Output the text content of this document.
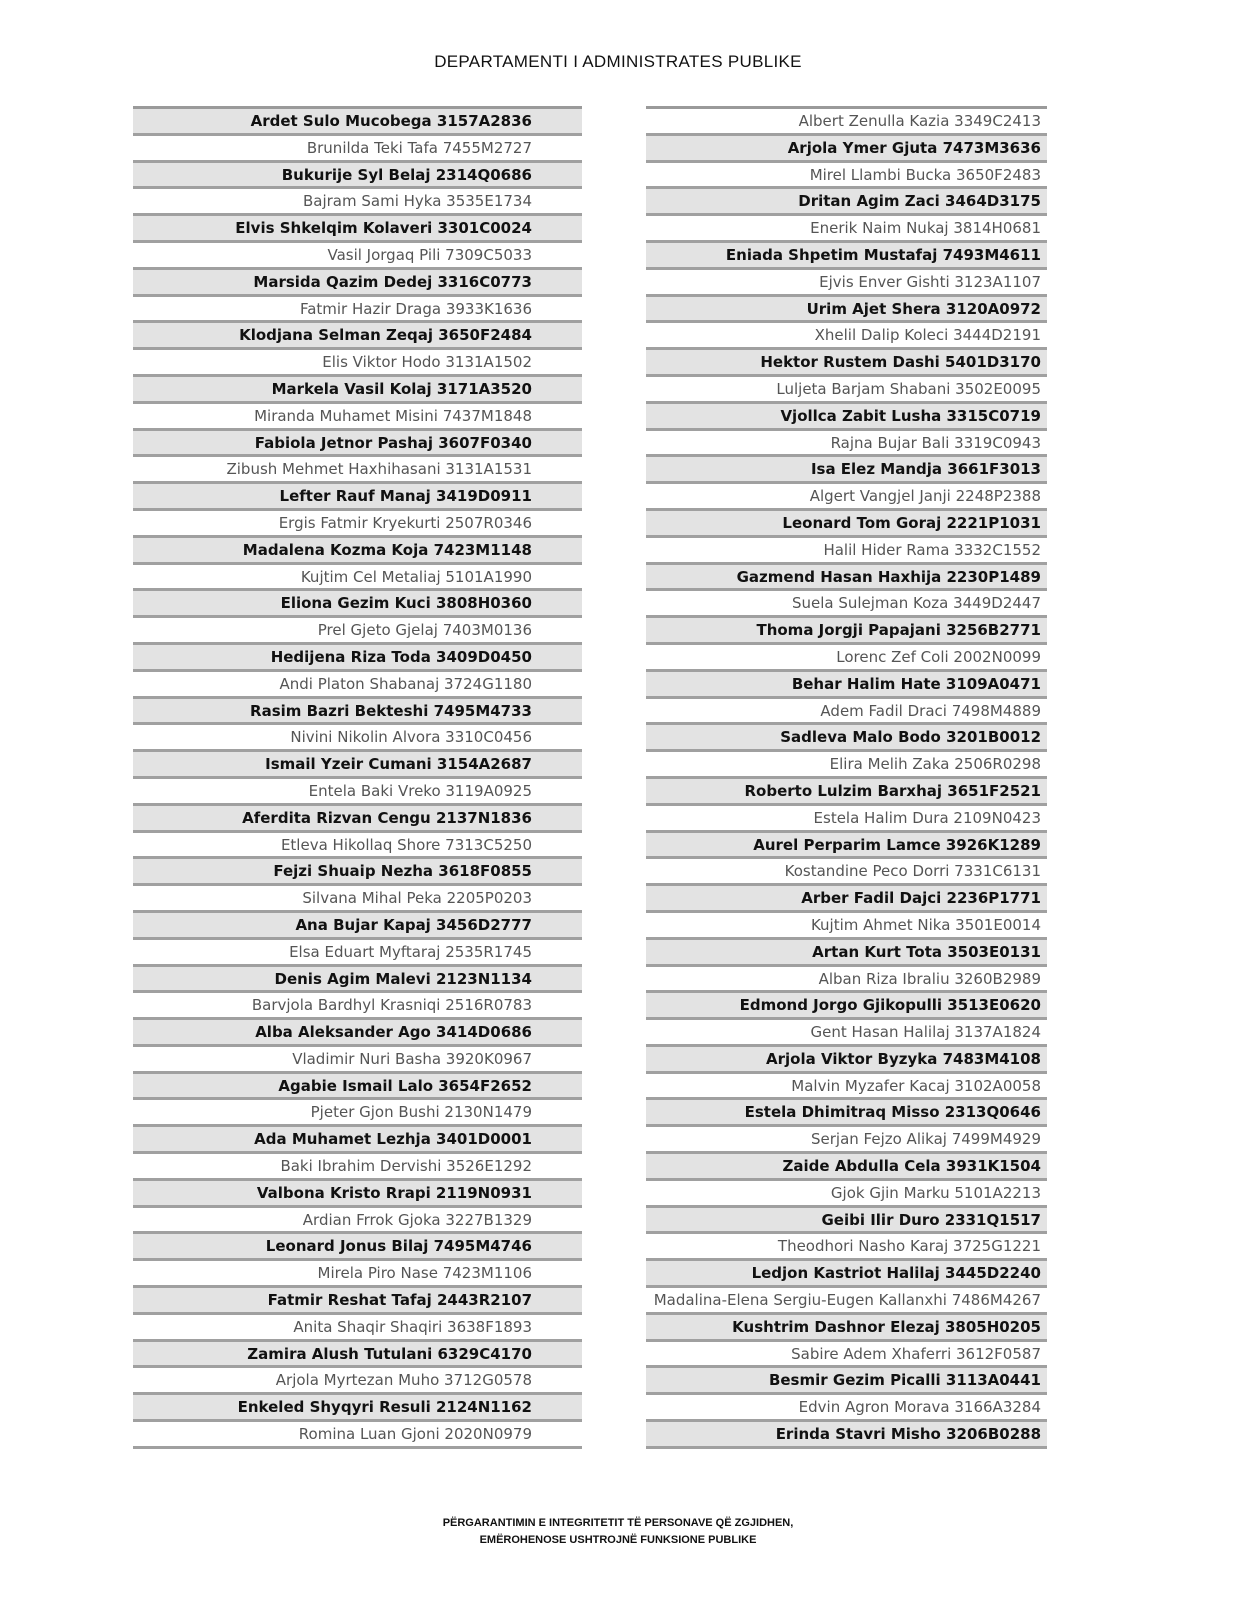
DEPARTAMENTI I ADMINISTRATES PUBLIKE
Ardet Sulo Mucobega 3157A2836
Brunilda Teki Tafa 7455M2727
Bukurije Syl Belaj 2314Q0686
Bajram Sami Hyka 3535E1734
Elvis Shkelqim Kolaveri 3301C0024
Vasil Jorgaq Pili 7309C5033
Marsida Qazim Dedej 3316C0773
Fatmir Hazir Draga 3933K1636
Klodjana Selman Zeqaj 3650F2484
Elis Viktor Hodo 3131A1502
Markela Vasil Kolaj 3171A3520
Miranda Muhamet Misini 7437M1848
Fabiola Jetnor Pashaj 3607F0340
Zibush Mehmet Haxhihasani 3131A1531
Lefter Rauf Manaj 3419D0911
Ergis Fatmir Kryekurti 2507R0346
Madalena Kozma Koja 7423M1148
Kujtim Cel Metaliaj 5101A1990
Eliona Gezim Kuci 3808H0360
Prel Gjeto Gjelaj 7403M0136
Hedijena Riza Toda 3409D0450
Andi Platon Shabanaj 3724G1180
Rasim Bazri Bekteshi 7495M4733
Nivini Nikolin Alvora 3310C0456
Ismail Yzeir Cumani 3154A2687
Entela Baki Vreko 3119A0925
Aferdita Rizvan Cengu 2137N1836
Etleva Hikollaq Shore 7313C5250
Fejzi Shuaip Nezha 3618F0855
Silvana Mihal Peka 2205P0203
Ana Bujar Kapaj 3456D2777
Elsa Eduart Myftaraj 2535R1745
Denis Agim Malevi 2123N1134
Barvjola Bardhyl Krasniqi 2516R0783
Alba Aleksander Ago 3414D0686
Vladimir Nuri Basha 3920K0967
Agabie Ismail Lalo 3654F2652
Pjeter Gjon Bushi 2130N1479
Ada Muhamet Lezhja 3401D0001
Baki Ibrahim Dervishi 3526E1292
Valbona Kristo Rrapi 2119N0931
Ardian Frrok Gjoka 3227B1329
Leonard Jonus Bilaj 7495M4746
Mirela Piro Nase 7423M1106
Fatmir Reshat Tafaj 2443R2107
Anita Shaqir Shaqiri 3638F1893
Zamira Alush Tutulani 6329C4170
Arjola Myrtezan Muho 3712G0578
Enkeled Shyqyri Resuli 2124N1162
Romina Luan Gjoni 2020N0979
Albert Zenulla Kazia 3349C2413
Arjola Ymer Gjuta 7473M3636
Mirel Llambi Bucka 3650F2483
Dritan Agim Zaci 3464D3175
Enerik Naim Nukaj 3814H0681
Eniada Shpetim Mustafaj 7493M4611
Ejvis Enver Gishti 3123A1107
Urim Ajet Shera 3120A0972
Xhelil Dalip Koleci 3444D2191
Hektor Rustem Dashi 5401D3170
Luljeta Barjam Shabani 3502E0095
Vjollca Zabit Lusha 3315C0719
Rajna Bujar Bali 3319C0943
Isa Elez Mandja 3661F3013
Algert Vangjel Janji 2248P2388
Leonard Tom Goraj 2221P1031
Halil Hider Rama 3332C1552
Gazmend Hasan Haxhija 2230P1489
Suela Sulejman Koza 3449D2447
Thoma Jorgji Papajani 3256B2771
Lorenc Zef Coli 2002N0099
Behar Halim Hate 3109A0471
Adem Fadil Draci 7498M4889
Sadleva Malo Bodo 3201B0012
Elira Melih Zaka 2506R0298
Roberto Lulzim Barxhaj 3651F2521
Estela Halim Dura 2109N0423
Aurel Perparim Lamce 3926K1289
Kostandine Peco Dorri 7331C6131
Arber Fadil Dajci 2236P1771
Kujtim Ahmet Nika 3501E0014
Artan Kurt Tota 3503E0131
Alban Riza Ibraliu 3260B2989
Edmond Jorgo Gjikopulli 3513E0620
Gent Hasan Halilaj 3137A1824
Arjola Viktor Byzyka 7483M4108
Malvin Myzafer Kacaj 3102A0058
Estela Dhimitraq Misso 2313Q0646
Serjan Fejzo Alikaj 7499M4929
Zaide Abdulla Cela 3931K1504
Gjok Gjin Marku 5101A2213
Geibi Ilir Duro 2331Q1517
Theodhori Nasho Karaj 3725G1221
Ledjon Kastriot Halilaj 3445D2240
Madalina-Elena Sergiu-Eugen Kallanxhi 7486M4267
Kushtrim Dashnor Elezaj 3805H0205
Sabire Adem Xhaferri 3612F0587
Besmir Gezim Picalli 3113A0441
Edvin Agron Morava 3166A3284
Erinda Stavri Misho 3206B0288
PËRGARANTIMIN E INTEGRITETIT TË PERSONAVE QË ZGJIDHEN,
EMËROHENOSE USHTROJNË FUNKSIONE PUBLIKE
